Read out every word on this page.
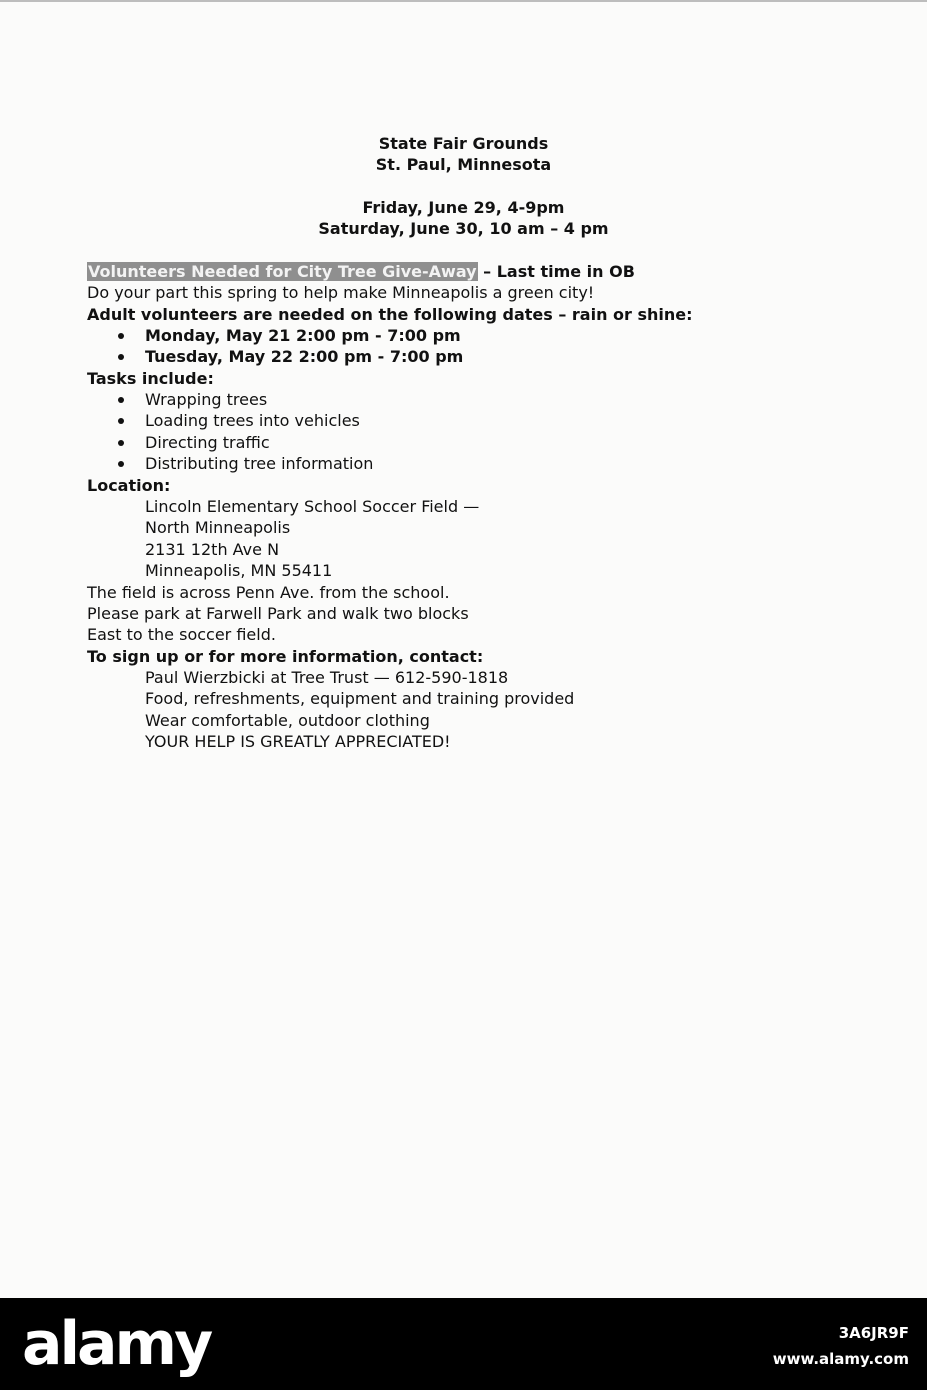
State Fair Grounds
St. Paul, Minnesota
Friday, June 29, 4-9pm
Saturday, June 30, 10 am – 4 pm
Volunteers Needed for City Tree Give-Away – Last time in OB
Do your part this spring to help make Minneapolis a green city!
Adult volunteers are needed on the following dates – rain or shine:
Monday, May 21 2:00 pm - 7:00 pm
Tuesday, May 22 2:00 pm - 7:00 pm
Tasks include:
Wrapping trees
Loading trees into vehicles
Directing traffic
Distributing tree information
Location:
Lincoln Elementary School Soccer Field —
North Minneapolis
2131 12th Ave N
Minneapolis, MN 55411
The field is across Penn Ave. from the school.
Please park at Farwell Park and walk two blocks
East to the soccer field.
To sign up or for more information, contact:
Paul Wierzbicki at Tree Trust — 612-590-1818
Food, refreshments, equipment and training provided
Wear comfortable, outdoor clothing
YOUR HELP IS GREATLY APPRECIATED!
alamy	3A6JR9F
www.alamy.com
